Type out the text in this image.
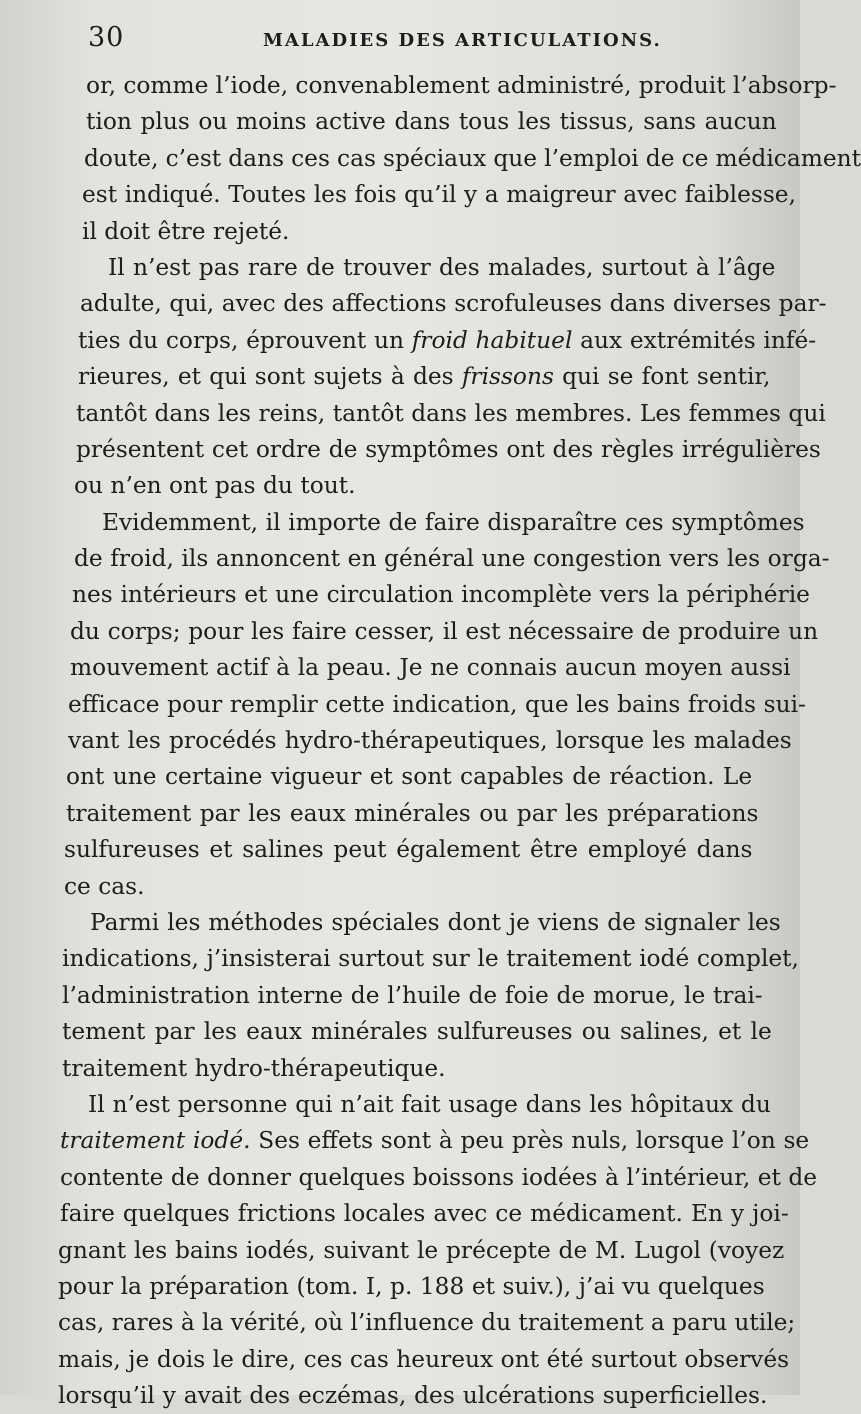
30	MALADIES DES ARTICULATIONS.
or, comme l’iode, convenablement administré, produit l’absorp-
tion plus ou moins active dans tous les tissus, sans aucun
doute, c’est dans ces cas spéciaux que l’emploi de ce médicament
est indiqué. Toutes les fois qu’il y a maigreur avec faiblesse,
il doit être rejeté.
Il n’est pas rare de trouver des malades, surtout à l’âge
adulte, qui, avec des affections scrofuleuses dans diverses par-
ties du corps, éprouvent un froid habituel aux extrémités infé-
rieures, et qui sont sujets à des frissons qui se font sentir,
tantôt dans les reins, tantôt dans les membres. Les femmes qui
présentent cet ordre de symptômes ont des règles irrégulières
ou n’en ont pas du tout.
Evidemment, il importe de faire disparaître ces symptômes
de froid, ils annoncent en général une congestion vers les orga-
nes intérieurs et une circulation incomplète vers la périphérie
du corps; pour les faire cesser, il est nécessaire de produire un
mouvement actif à la peau. Je ne connais aucun moyen aussi
efficace pour remplir cette indication, que les bains froids sui-
vant les procédés hydro-thérapeutiques, lorsque les malades
ont une certaine vigueur et sont capables de réaction. Le
traitement par les eaux minérales ou par les préparations
sulfureuses et salines peut également être employé dans
ce cas.
Parmi les méthodes spéciales dont je viens de signaler les
indications, j’insisterai surtout sur le traitement iodé complet,
l’administration interne de l’huile de foie de morue, le trai-
tement par les eaux minérales sulfureuses ou salines, et le
traitement hydro-thérapeutique.
Il n’est personne qui n’ait fait usage dans les hôpitaux du
traitement iodé. Ses effets sont à peu près nuls, lorsque l’on se
contente de donner quelques boissons iodées à l’intérieur, et de
faire quelques frictions locales avec ce médicament. En y joi-
gnant les bains iodés, suivant le précepte de M. Lugol (voyez
pour la préparation (tom. I, p. 188 et suiv.), j’ai vu quelques
cas, rares à la vérité, où l’influence du traitement a paru utile;
mais, je dois le dire, ces cas heureux ont été surtout observés
lorsqu’il y avait des eczémas, des ulcérations superficielles.
